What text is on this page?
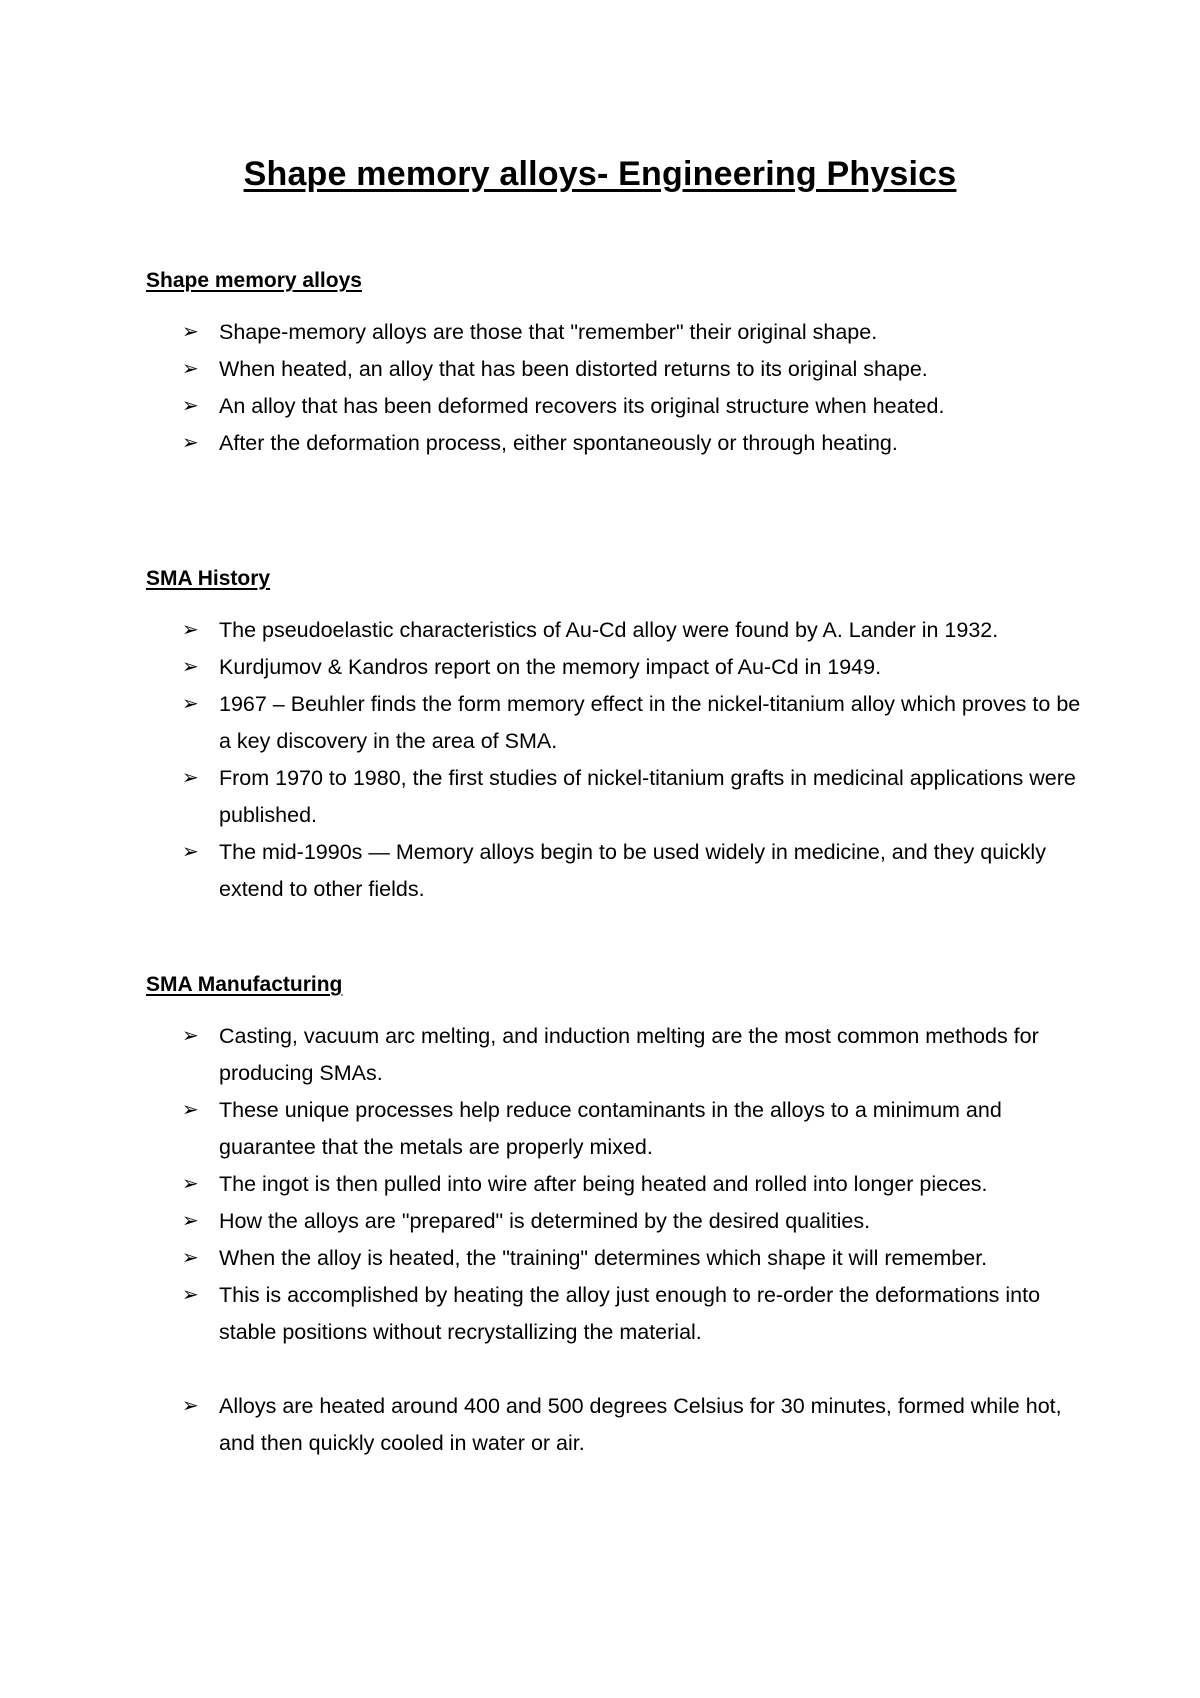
Shape memory alloys- Engineering Physics
Shape memory alloys
➢ Shape-memory alloys are those that "remember" their original shape.
➢ When heated, an alloy that has been distorted returns to its original shape.
➢ An alloy that has been deformed recovers its original structure when heated.
➢ After the deformation process, either spontaneously or through heating.
SMA History
➢ The pseudoelastic characteristics of Au-Cd alloy were found by A. Lander in 1932.
➢ Kurdjumov & Kandros report on the memory impact of Au-Cd in 1949.
➢ 1967 – Beuhler finds the form memory effect in the nickel-titanium alloy which proves to be a key discovery in the area of SMA.
➢ From 1970 to 1980, the first studies of nickel-titanium grafts in medicinal applications were published.
➢ The mid-1990s — Memory alloys begin to be used widely in medicine, and they quickly extend to other fields.
SMA Manufacturing
➢ Casting, vacuum arc melting, and induction melting are the most common methods for producing SMAs.
➢ These unique processes help reduce contaminants in the alloys to a minimum and guarantee that the metals are properly mixed.
➢ The ingot is then pulled into wire after being heated and rolled into longer pieces.
➢ How the alloys are "prepared" is determined by the desired qualities.
➢ When the alloy is heated, the "training" determines which shape it will remember.
➢ This is accomplished by heating the alloy just enough to re-order the deformations into stable positions without recrystallizing the material.
➢ Alloys are heated around 400 and 500 degrees Celsius for 30 minutes, formed while hot, and then quickly cooled in water or air.
